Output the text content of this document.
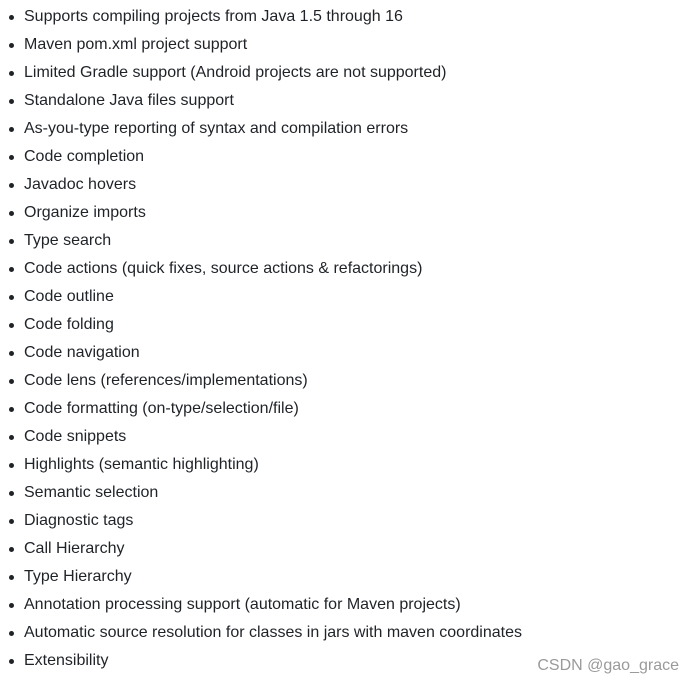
Supports compiling projects from Java 1.5 through 16
Maven pom.xml project support
Limited Gradle support (Android projects are not supported)
Standalone Java files support
As-you-type reporting of syntax and compilation errors
Code completion
Javadoc hovers
Organize imports
Type search
Code actions (quick fixes, source actions & refactorings)
Code outline
Code folding
Code navigation
Code lens (references/implementations)
Code formatting (on-type/selection/file)
Code snippets
Highlights (semantic highlighting)
Semantic selection
Diagnostic tags
Call Hierarchy
Type Hierarchy
Annotation processing support (automatic for Maven projects)
Automatic source resolution for classes in jars with maven coordinates
Extensibility	CSDN @gao_grace
